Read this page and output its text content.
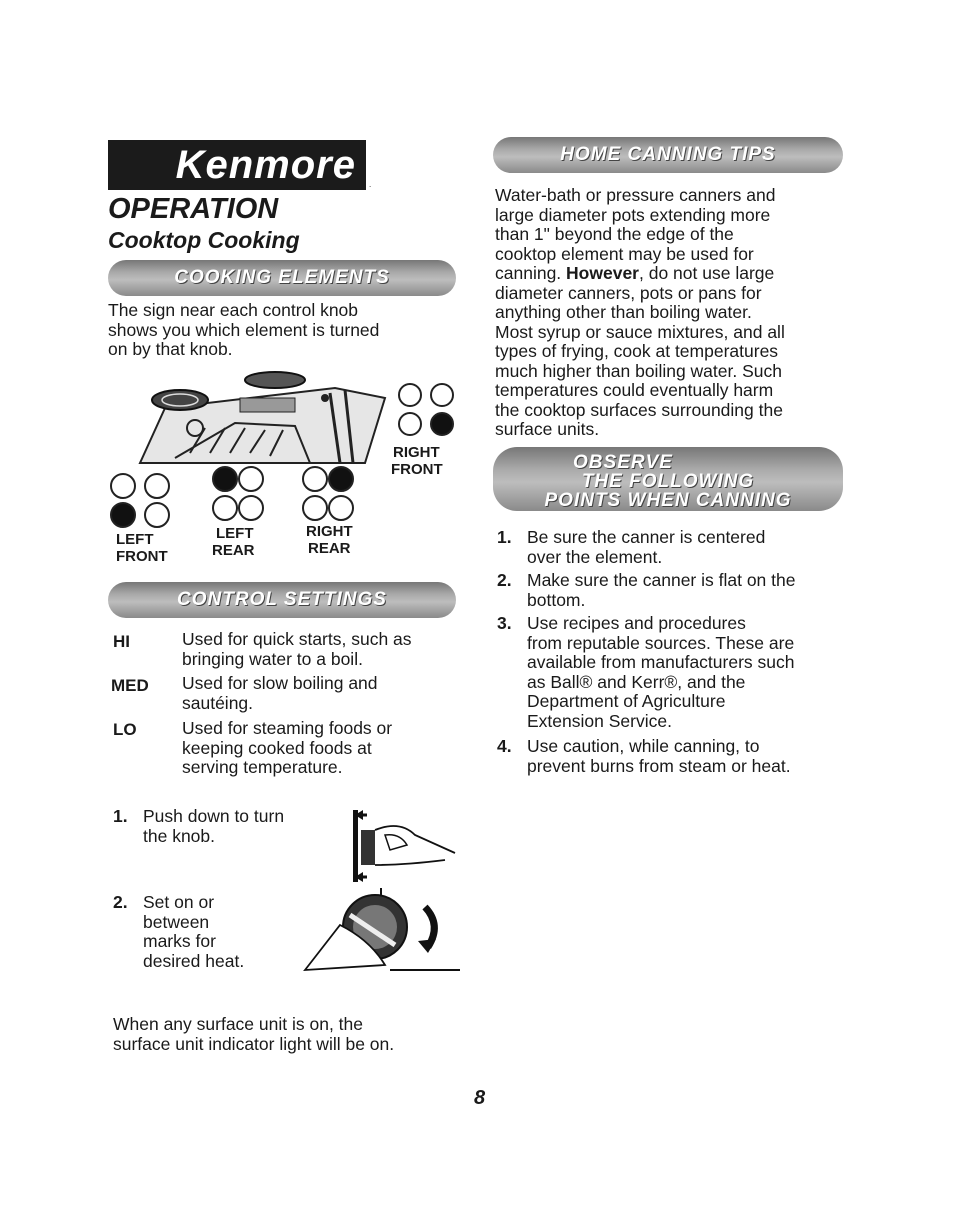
Kenmore	.
OPERATION
Cooktop Cooking
COOKING ELEMENTS
The sign near each control knob
shows you which element is turned
on by that knob.
RIGHT
FRONT
LEFT
FRONT
LEFT
REAR
RIGHT
REAR
CONTROL SETTINGS
HI	Used for quick starts, such as
bringing water to a boil.
MED Used for slow boiling and
sautéing.
LO	Used for steaming foods or
keeping cooked foods at
serving temperature.
1. Push down to turn
the knob.
2. Set on or
between
marks for
desired heat.
When any surface unit is on, the
surface unit indicator light will be on.
HOME CANNING TIPS
Water-bath or pressure canners and
large diameter pots extending more
than 1" beyond the edge of the
cooktop element may be used for
canning. However, do not use large
diameter canners, pots or pans for
anything other than boiling water.
Most syrup or sauce mixtures, and all
types of frying, cook at temperatures
much higher than boiling water. Such
temperatures could eventually harm
the cooktop surfaces surrounding the
surface units.
OBSERVE
THE FOLLOWING
POINTS WHEN CANNING
1. Be sure the canner is centered
over the element.
2. Make sure the canner is flat on the
bottom.
3. Use recipes and procedures
from reputable sources. These are
available from manufacturers such
as Ball® and Kerr®, and the
Department of Agriculture
Extension Service.
4. Use caution, while canning, to
prevent burns from steam or heat.
8
